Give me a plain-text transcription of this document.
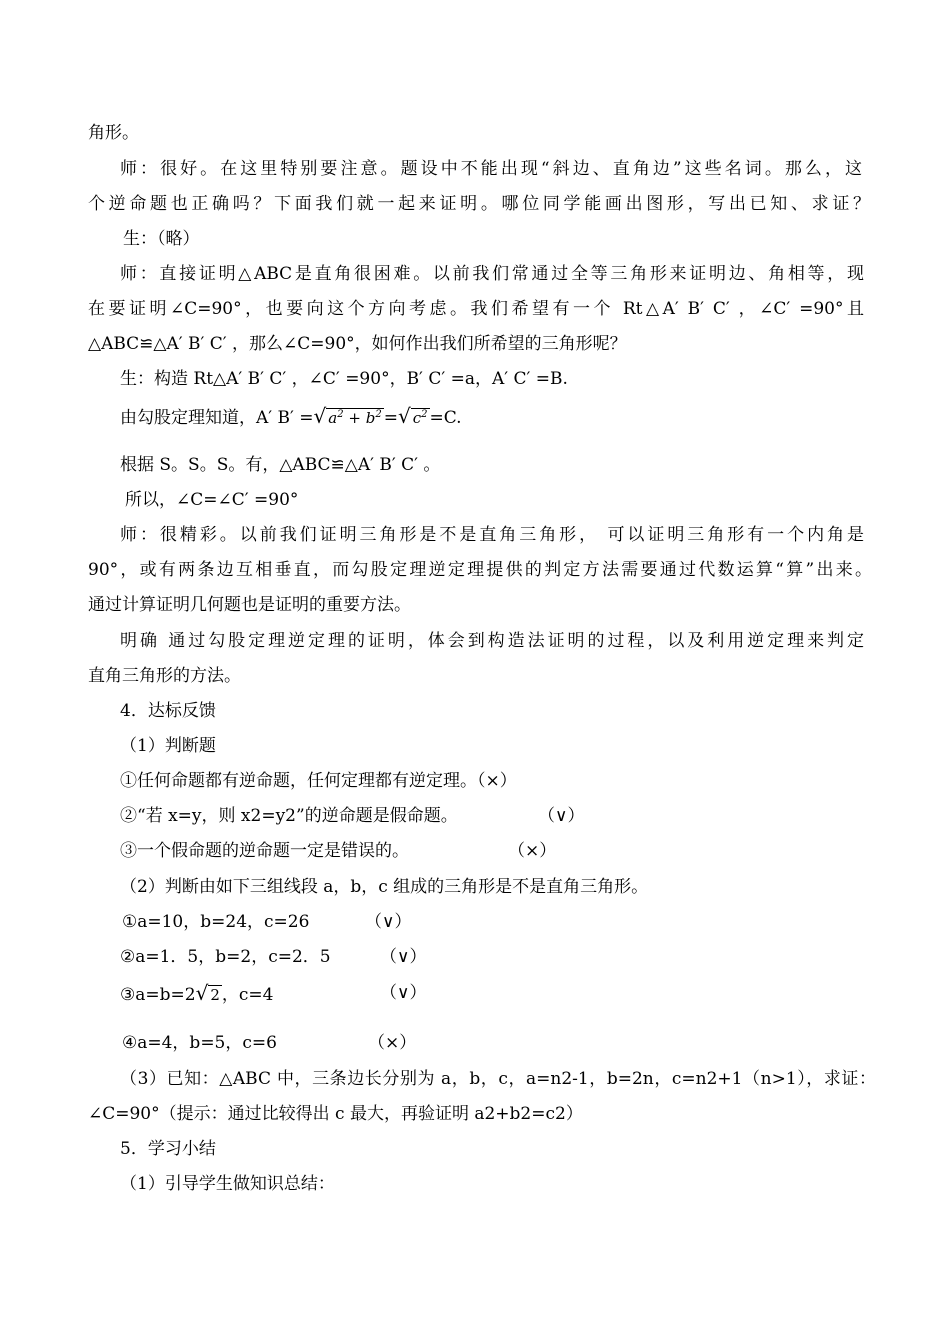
角形。
师：很好。在这里特别要注意。题设中不能出现“斜边、直角边”这些名词。那么，这
个逆命题也正确吗？下面我们就一起来证明。哪位同学能画出图形，写出已知、求证？
生：（略）
师：直接证明△ABC是直角很困难。以前我们常通过全等三角形来证明边、角相等，现
在要证明∠C=90°，也要向这个方向考虑。我们希望有一个 Rt△A′ B′ C′ ，∠C′ =90°且
△ABC≌△A′ B′ C′ ，那么∠C=90°，如何作出我们所希望的三角形呢？
生：构造 Rt△A′ B′ C′ ，∠C′ =90°，B′ C′ =a，A′ C′ =B.
由勾股定理知道，A′ B′ =√ $a^2 + b^2$ =√ $c^2 =C$.
根据 S。S。S。有，△ABC≌△A′ B′ C′ 。
所以，∠C=∠C′ =90°
师：很精彩。以前我们证明三角形是不是直角三角形， 可以证明三角形有一个内角是
90°，或有两条边互相垂直，而勾股定理逆定理提供的判定方法需要通过代数运算“算”出来。
通过计算证明几何题也是证明的重要方法。
明确 通过勾股定理逆定理的证明，体会到构造法证明的过程，以及利用逆定理来判定
直角三角形的方法。
4．达标反馈
（1）判断题
①任何命题都有逆命题，任何定理都有逆定理。（×）
②“若 x=y，则 x2=y2”的逆命题是假命题。	（∨）
③一个假命题的逆命题一定是错误的。	（×）
（2）判断由如下三组线段 a，b，c 组成的三角形是不是直角三角形。
①a=10，b=24，c=26	（∨）
②a=1．5，b=2，c=2．5	（∨）
③a=b=2√ 2 ，c=4	（∨）
④a=4，b=5，c=6	（×）
（3）已知：△ABC 中，三条边长分别为 a，b，c，a=n2-1，b=2n，c=n2+1（n>1），求证：
∠C=90°（提示：通过比较得出 c 最大，再验证明 a2+b2=c2）
5．学习小结
（1）引导学生做知识总结：
